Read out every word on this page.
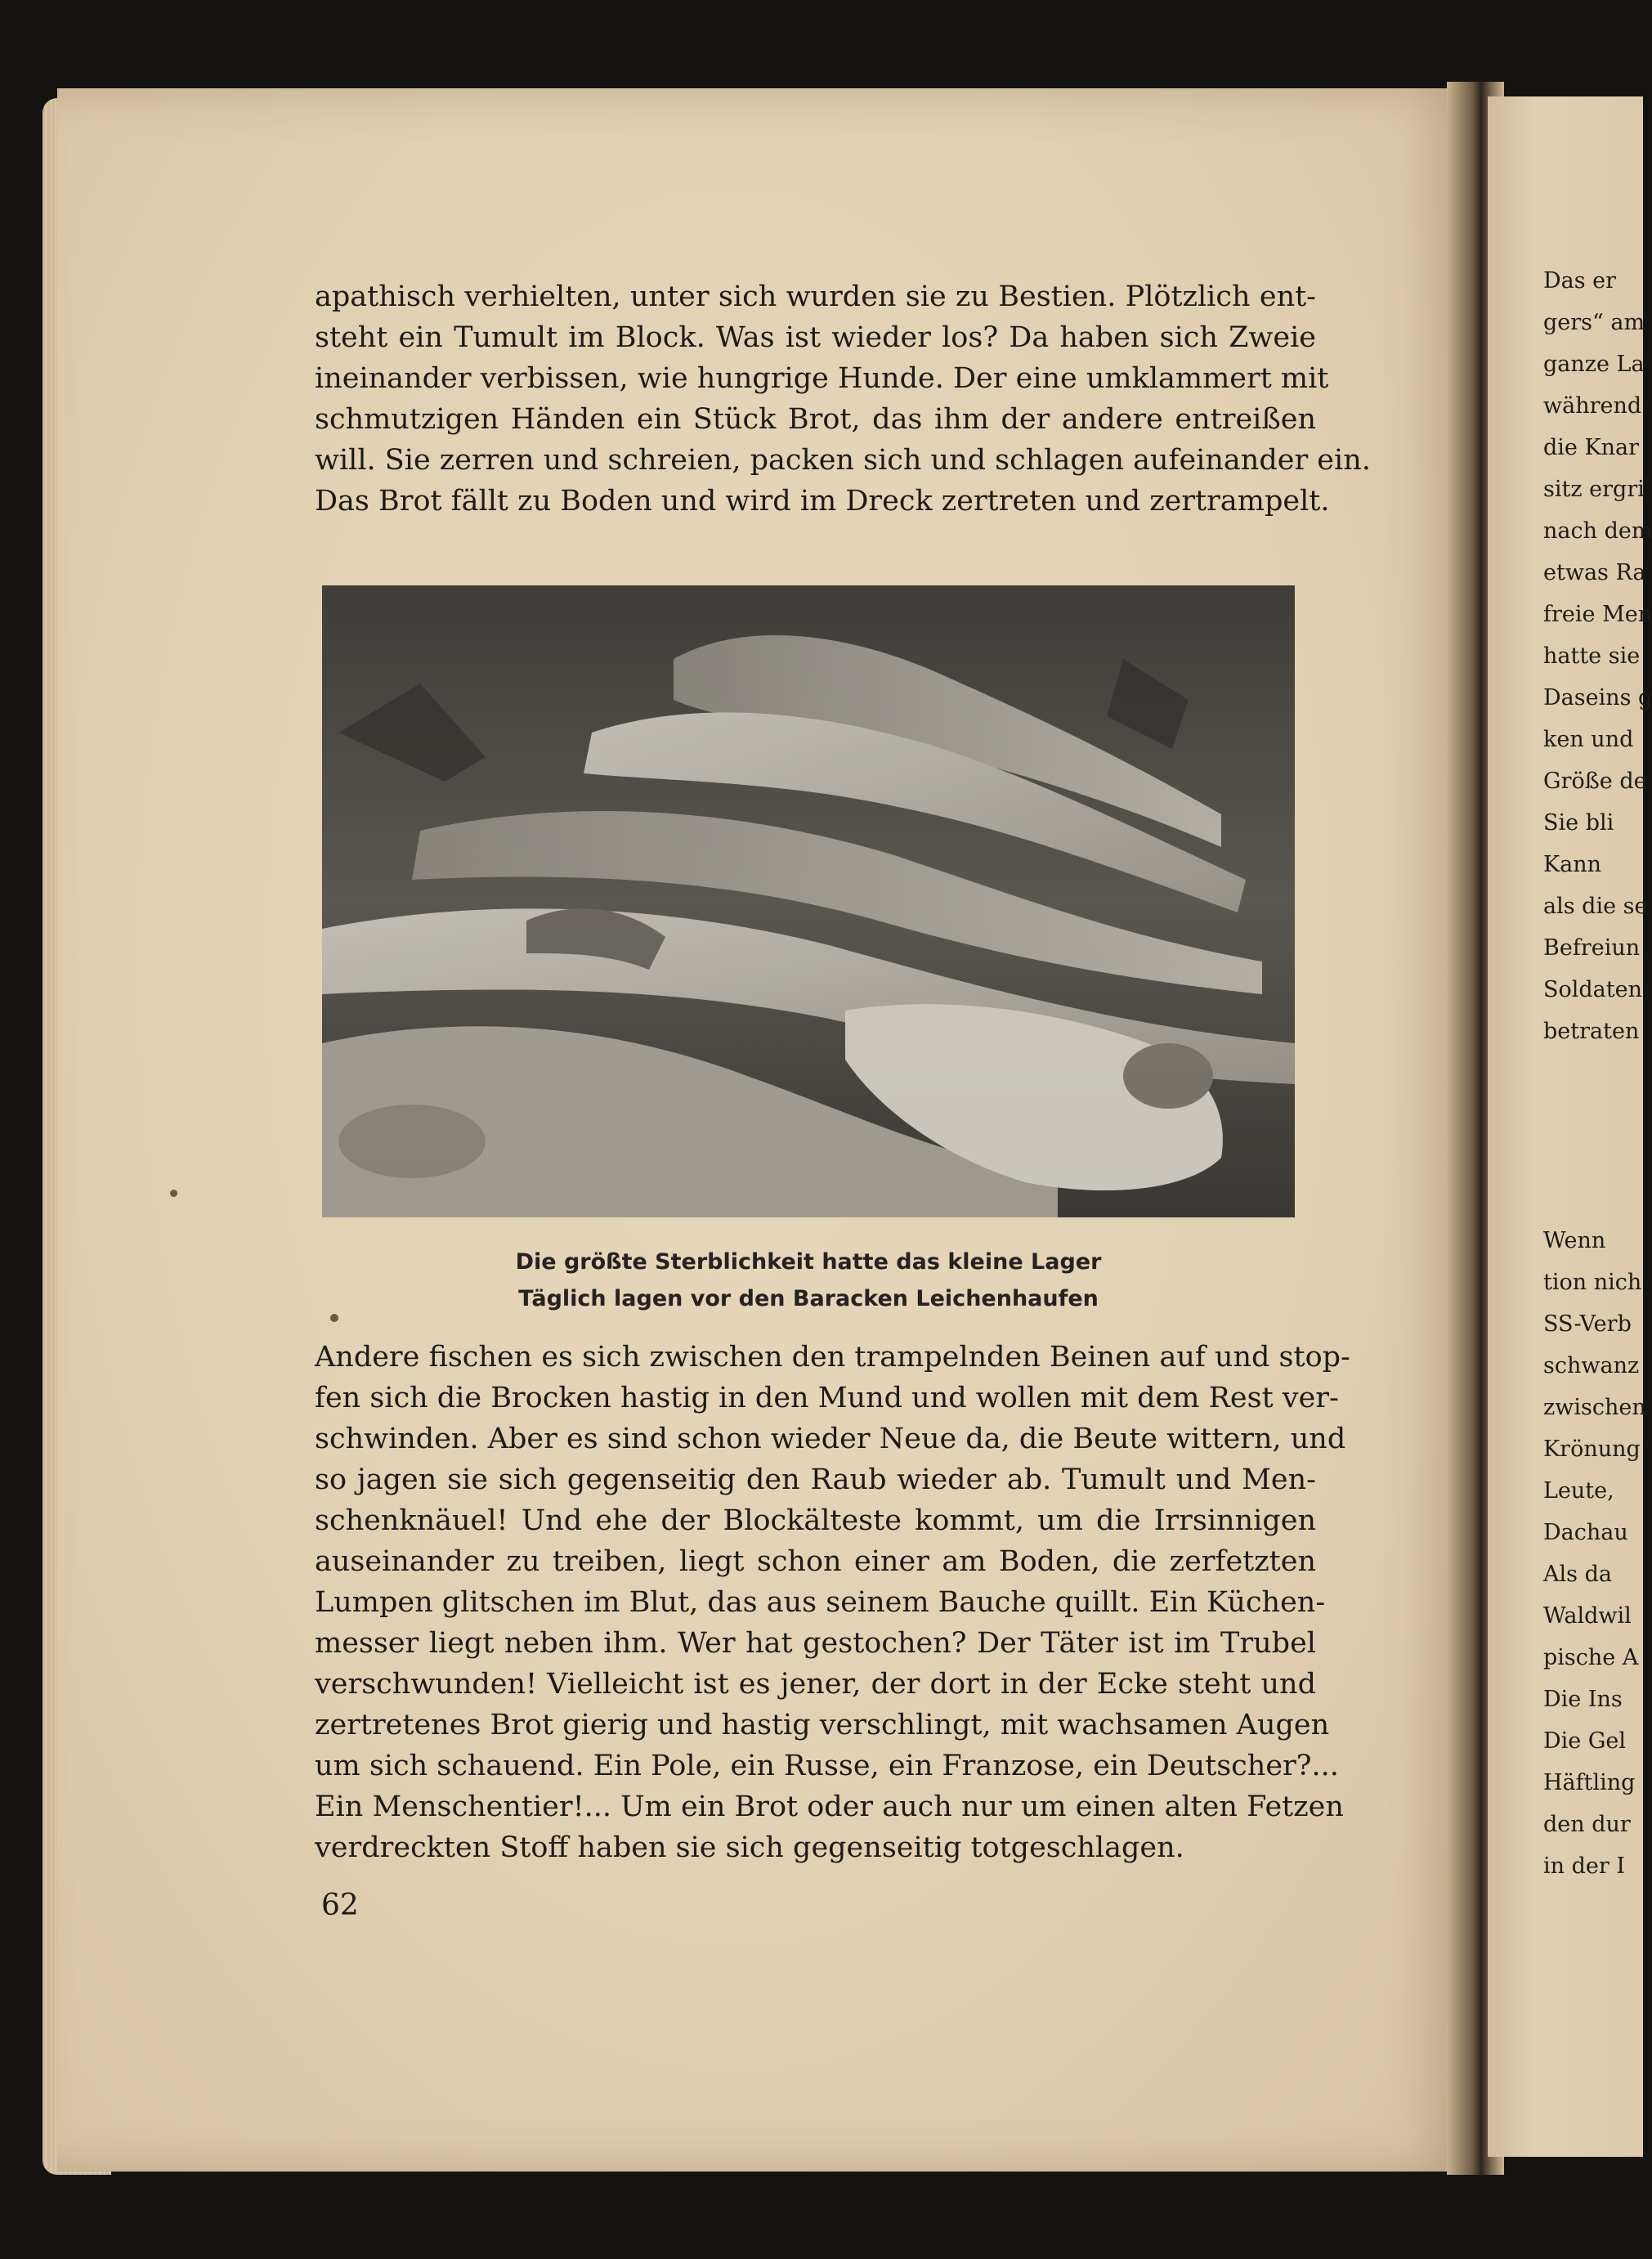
apathisch verhielten, unter sich wurden sie zu Bestien. Plötzlich ent-
steht ein Tumult im Block. Was ist wieder los? Da haben sich Zweie
ineinander verbissen, wie hungrige Hunde. Der eine umklammert mit
schmutzigen Händen ein Stück Brot, das ihm der andere entreißen
will. Sie zerren und schreien, packen sich und schlagen aufeinander ein.
Das Brot fällt zu Boden und wird im Dreck zertreten und zertrampelt.
Die größte Sterblichkeit hatte das kleine Lager
Täglich lagen vor den Baracken Leichenhaufen
Andere fischen es sich zwischen den trampelnden Beinen auf und stop-
fen sich die Brocken hastig in den Mund und wollen mit dem Rest ver-
schwinden. Aber es sind schon wieder Neue da, die Beute wittern, und
so jagen sie sich gegenseitig den Raub wieder ab. Tumult und Men-
schenknäuel! Und ehe der Blockälteste kommt, um die Irrsinnigen
auseinander zu treiben, liegt schon einer am Boden, die zerfetzten
Lumpen glitschen im Blut, das aus seinem Bauche quillt. Ein Küchen-
messer liegt neben ihm. Wer hat gestochen? Der Täter ist im Trubel
verschwunden! Vielleicht ist es jener, der dort in der Ecke steht und
zertretenes Brot gierig und hastig verschlingt, mit wachsamen Augen
um sich schauend. Ein Pole, ein Russe, ein Franzose, ein Deutscher?...
Ein Menschentier!... Um ein Brot oder auch nur um einen alten Fetzen
verdreckten Stoff haben sie sich gegenseitig totgeschlagen.
62
Das er
gers“ am
ganze La
während
die Knar
sitz ergri
nach dem
etwas Ra
freie Men
hatte sie
Daseins g
ken und
Größe de
Sie bli
Kann
als die se
Befreiun
Soldaten
betraten
Wenn
tion nich
SS-Verb
schwanz
zwischen
Krönung
Leute,
Dachau
Als da
Waldwil
pische A
Die Ins
Die Gel
Häftling
den dur
in der I
